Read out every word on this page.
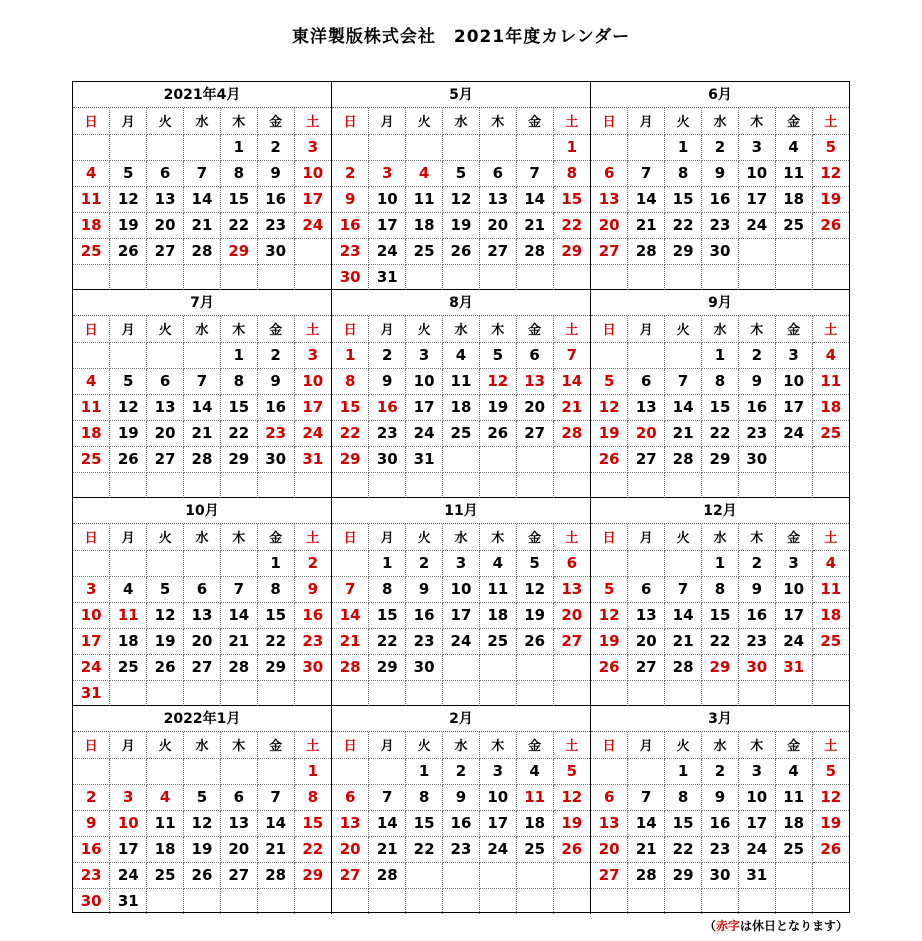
東洋製版株式会社 2021年度カレンダー
2021年4月
日	月	火	水	木	金	土
				1	2	3
4	5	6	7	8	9	10
11	12	13	14	15	16	17
18	19	20	21	22	23	24
25	26	27	28	29	30	

5月
日	月	火	水	木	金	土
						1
2	3	4	5	6	7	8
9	10	11	12	13	14	15
16	17	18	19	20	21	22
23	24	25	26	27	28	29
30	31					
6月
日	月	火	水	木	金	土
		1	2	3	4	5
6	7	8	9	10	11	12
13	14	15	16	17	18	19
20	21	22	23	24	25	26
27	28	29	30			

7月
日	月	火	水	木	金	土
				1	2	3
4	5	6	7	8	9	10
11	12	13	14	15	16	17
18	19	20	21	22	23	24
25	26	27	28	29	30	31

8月
日	月	火	水	木	金	土
1	2	3	4	5	6	7
8	9	10	11	12	13	14
15	16	17	18	19	20	21
22	23	24	25	26	27	28
29	30	31				

9月
日	月	火	水	木	金	土
			1	2	3	4
5	6	7	8	9	10	11
12	13	14	15	16	17	18
19	20	21	22	23	24	25
26	27	28	29	30		

10月
日	月	火	水	木	金	土
					1	2
3	4	5	6	7	8	9
10	11	12	13	14	15	16
17	18	19	20	21	22	23
24	25	26	27	28	29	30
31						
11月
日	月	火	水	木	金	土
	1	2	3	4	5	6
7	8	9	10	11	12	13
14	15	16	17	18	19	20
21	22	23	24	25	26	27
28	29	30				

12月
日	月	火	水	木	金	土
			1	2	3	4
5	6	7	8	9	10	11
12	13	14	15	16	17	18
19	20	21	22	23	24	25
26	27	28	29	30	31	

2022年1月
日	月	火	水	木	金	土
						1
2	3	4	5	6	7	8
9	10	11	12	13	14	15
16	17	18	19	20	21	22
23	24	25	26	27	28	29
30	31					
2月
日	月	火	水	木	金	土
		1	2	3	4	5
6	7	8	9	10	11	12
13	14	15	16	17	18	19
20	21	22	23	24	25	26
27	28					

3月
日	月	火	水	木	金	土
		1	2	3	4	5
6	7	8	9	10	11	12
13	14	15	16	17	18	19
20	21	22	23	24	25	26
27	28	29	30	31		

（赤字は休日となります）
